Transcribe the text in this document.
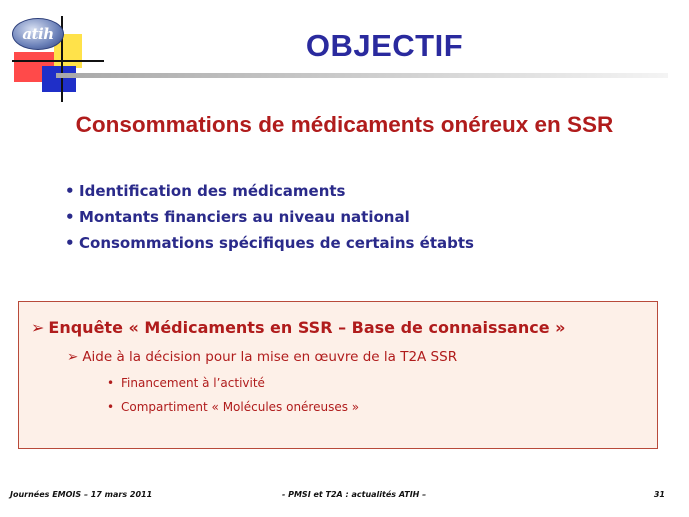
atih	OBJECTIF
Consommations de médicaments onéreux en SSR
• Identification des médicaments
• Montants financiers au niveau national
• Consommations spécifiques de certains étabts
➢ Enquête « Médicaments en SSR – Base de connaissance »
➢ Aide à la décision pour la mise en œuvre de la T2A SSR
• Financement à l’activité
• Compartiment « Molécules onéreuses »
Journées EMOIS – 17 mars 2011	- PMSI et T2A : actualités ATIH –	31
